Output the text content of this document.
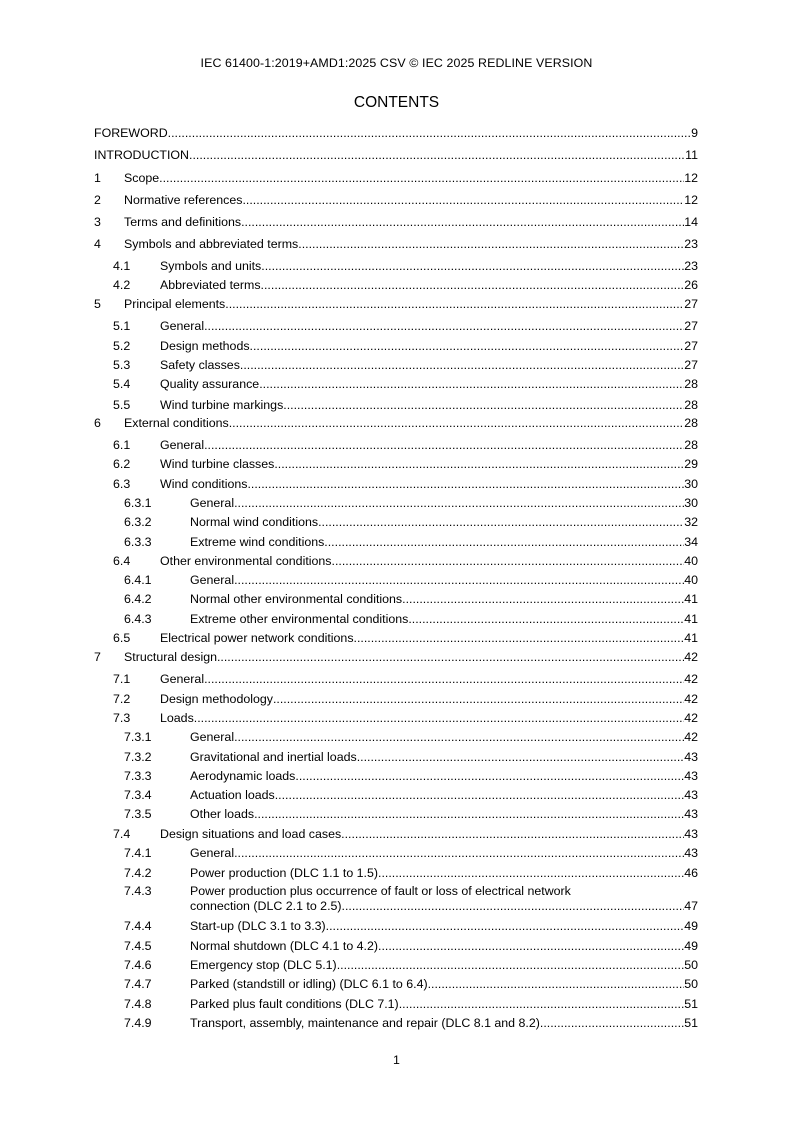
IEC 61400-1:2019+AMD1:2025 CSV © IEC 2025 REDLINE VERSION
CONTENTS
FOREWORD .....	9
INTRODUCTION .....	11
1 Scope .....	12
2 Normative references .....	12
3 Terms and definitions .....	14
4 Symbols and abbreviated terms .....	23
4.1 Symbols and units .....	23
4.2 Abbreviated terms .....	26
5 Principal elements .....	27
5.1 General .....	27
5.2 Design methods .....	27
5.3 Safety classes .....	27
5.4 Quality assurance .....	28
5.5 Wind turbine markings .....	28
6 External conditions .....	28
6.1 General .....	28
6.2 Wind turbine classes .....	29
6.3 Wind conditions .....	30
6.3.1	General .....	30
6.3.2	Normal wind conditions .....	32
6.3.3	Extreme wind conditions .....	34
6.4 Other environmental conditions .....	40
6.4.1	General .....	40
6.4.2	Normal other environmental conditions .....	41
6.4.3	Extreme other environmental conditions .....	41
6.5 Electrical power network conditions .....	41
7 Structural design .....	42
7.1 General .....	42
7.2 Design methodology .....	42
7.3 Loads .....	42
7.3.1	General .....	42
7.3.2	Gravitational and inertial loads .....	43
7.3.3	Aerodynamic loads .....	43
7.3.4	Actuation loads .....	43
7.3.5	Other loads .....	43
7.4 Design situations and load cases .....	43
7.4.1	General .....	43
7.4.2	Power production (DLC 1.1 to 1.5) .....	46
7.4.3	Power production plus occurrence of fault or loss of electrical network
connection (DLC 2.1 to 2.5) .....	47
7.4.4	Start-up (DLC 3.1 to 3.3) .....	49
7.4.5	Normal shutdown (DLC 4.1 to 4.2) .....	49
7.4.6	Emergency stop (DLC 5.1) .....	50
7.4.7	Parked (standstill or idling) (DLC 6.1 to 6.4) .....	50
7.4.8	Parked plus fault conditions (DLC 7.1) .....	51
7.4.9	Transport, assembly, maintenance and repair (DLC 8.1 and 8.2) .....	51
1
